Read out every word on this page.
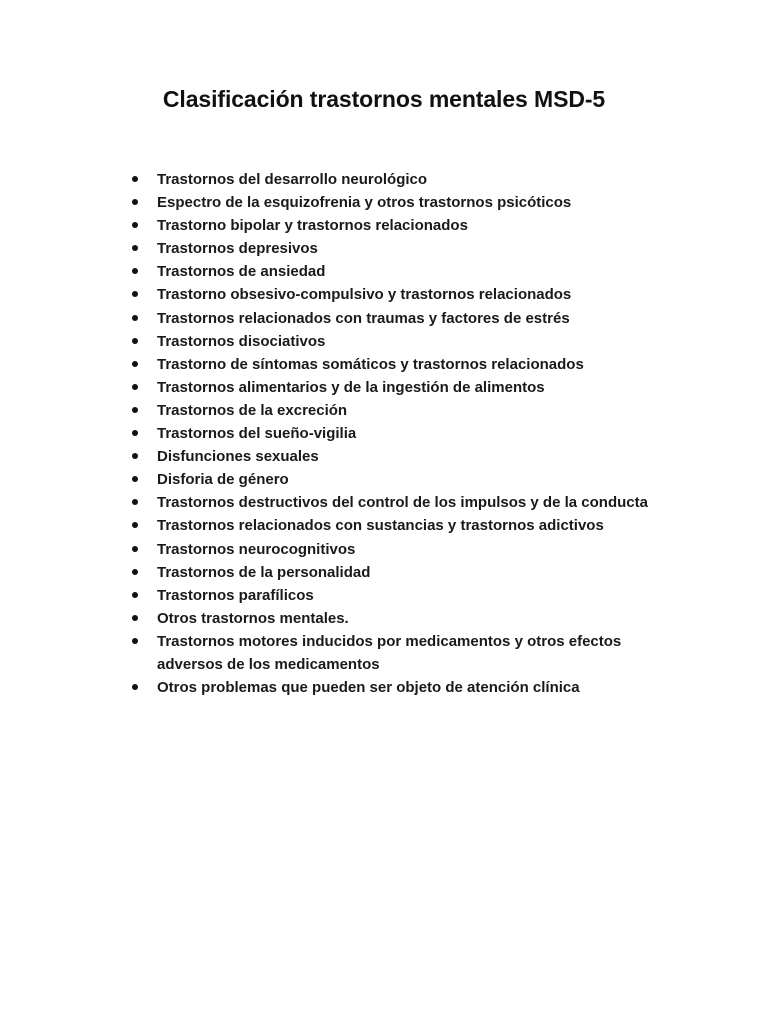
Clasificación trastornos mentales MSD-5
Trastornos del desarrollo neurológico
Espectro de la esquizofrenia y otros trastornos psicóticos
Trastorno bipolar y trastornos relacionados
Trastornos depresivos
Trastornos de ansiedad
Trastorno obsesivo-compulsivo y trastornos relacionados
Trastornos relacionados con traumas y factores de estrés
Trastornos disociativos
Trastorno de síntomas somáticos y trastornos relacionados
Trastornos alimentarios y de la ingestión de alimentos
Trastornos de la excreción
Trastornos del sueño-vigilia
Disfunciones sexuales
Disforia de género
Trastornos destructivos del control de los impulsos y de la conducta
Trastornos relacionados con sustancias y trastornos adictivos
Trastornos neurocognitivos
Trastornos de la personalidad
Trastornos parafílicos
Otros trastornos mentales.
Trastornos motores inducidos por medicamentos y otros efectos adversos de los medicamentos
Otros problemas que pueden ser objeto de atención clínica
